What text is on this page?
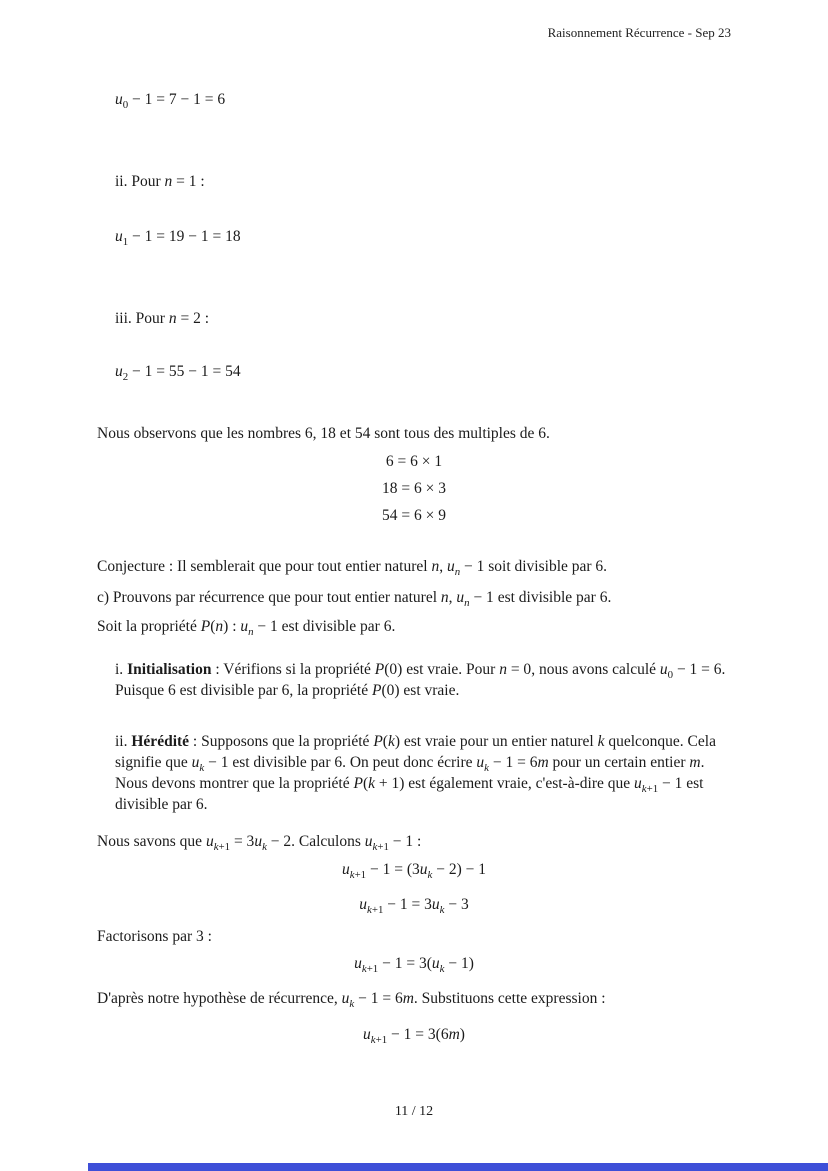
Raisonnement Récurrence - Sep 23

$u_0 - 1 = 7 - 1 = 6$

ii. Pour n = 1 :

$u_1 - 1 = 19 - 1 = 18$

iii. Pour n = 2 :

$u_2 - 1 = 55 - 1 = 54$

Nous observons que les nombres 6, 18 et 54 sont tous des multiples de 6.

6 = 6 × 1

18 = 6 × 3

54 = 6 × 9

Conjecture : Il semblerait que pour tout entier naturel n, $u_n - 1$ soit divisible par 6.

c) Prouvons par récurrence que pour tout entier naturel n, $u_n - 1$ est divisible par 6.

Soit la propriété P(n) : $u_n - 1$ est divisible par 6.

i. Initialisation : Vérifions si la propriété P(0) est vraie. Pour n = 0, nous avons calculé $u_0 - 1 = 6$. Puisque 6 est divisible par 6, la propriété P(0) est vraie.

ii. Hérédité : Supposons que la propriété P(k) est vraie pour un entier naturel k quelconque. Cela signifie que $u_k - 1$ est divisible par 6. On peut donc écrire $u_k - 1 = 6m$ pour un certain entier m. Nous devons montrer que la propriété P(k + 1) est également vraie, c'est-à-dire que $u_{k+1} - 1$ est divisible par 6.

Nous savons que $u_{k+1} = 3u_k - 2$. Calculons $u_{k+1} - 1$ :

$u_{k+1} - 1 = (3u_k - 2) - 1$

$u_{k+1} - 1 = 3u_k - 3$

Factorisons par 3 :

$u_{k+1} - 1 = 3(u_k - 1)$

D'après notre hypothèse de récurrence, $u_k - 1 = 6m$. Substituons cette expression :

$u_{k+1} - 1 = 3(6m)$

11 / 12
